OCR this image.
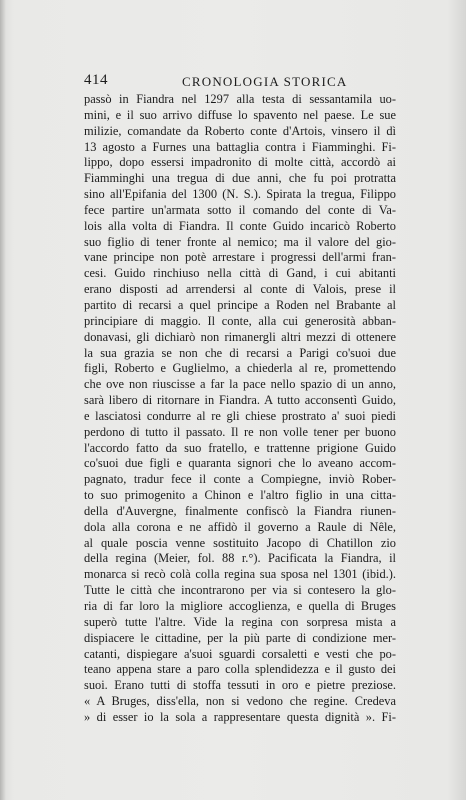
414	CRONOLOGIA STORICA
passò in Fiandra nel 1297 alla testa di sessantamila uo-
mini, e il suo arrivo diffuse lo spavento nel paese. Le sue
milizie, comandate da Roberto conte d'Artois, vinsero il dì
13 agosto a Furnes una battaglia contra i Fiamminghi. Fi-
lippo, dopo essersi impadronito di molte città, accordò ai
Fiamminghi una tregua di due anni, che fu poi protratta
sino all'Epifania del 1300 (N. S.). Spirata la tregua, Filippo
fece partire un'armata sotto il comando del conte di Va-
lois alla volta di Fiandra. Il conte Guido incaricò Roberto
suo figlio di tener fronte al nemico; ma il valore del gio-
vane principe non potè arrestare i progressi dell'armi fran-
cesi. Guido rinchiuso nella città di Gand, i cui abitanti
erano disposti ad arrendersi al conte di Valois, prese il
partito di recarsi a quel principe a Roden nel Brabante al
principiare di maggio. Il conte, alla cui generosità abban-
donavasi, gli dichiarò non rimanergli altri mezzi di ottenere
la sua grazia se non che di recarsi a Parigi co'suoi due
figli, Roberto e Guglielmo, a chiederla al re, promettendo
che ove non riuscisse a far la pace nello spazio di un anno,
sarà libero di ritornare in Fiandra. A tutto acconsentì Guido,
e lasciatosi condurre al re gli chiese prostrato a' suoi piedi
perdono di tutto il passato. Il re non volle tener per buono
l'accordo fatto da suo fratello, e trattenne prigione Guido
co'suoi due figli e quaranta signori che lo aveano accom-
pagnato, tradur fece il conte a Compiegne, inviò Rober-
to suo primogenito a Chinon e l'altro figlio in una citta-
della d'Auvergne, finalmente confiscò la Fiandra riunen-
dola alla corona e ne affidò il governo a Raule di Nêle,
al quale poscia venne sostituito Jacopo di Chatillon zio
della regina (Meier, fol. 88 r.°). Pacificata la Fiandra, il
monarca si recò colà colla regina sua sposa nel 1301 (ibid.).
Tutte le città che incontrarono per via si contesero la glo-
ria di far loro la migliore accoglienza, e quella di Bruges
superò tutte l'altre. Vide la regina con sorpresa mista a
dispiacere le cittadine, per la più parte di condizione mer-
catanti, dispiegare a'suoi sguardi corsaletti e vesti che po-
teano appena stare a paro colla splendidezza e il gusto dei
suoi. Erano tutti di stoffa tessuti in oro e pietre preziose.
« A Bruges, diss'ella, non si vedono che regine. Credeva
» di esser io la sola a rappresentare questa dignità ». Fi-
